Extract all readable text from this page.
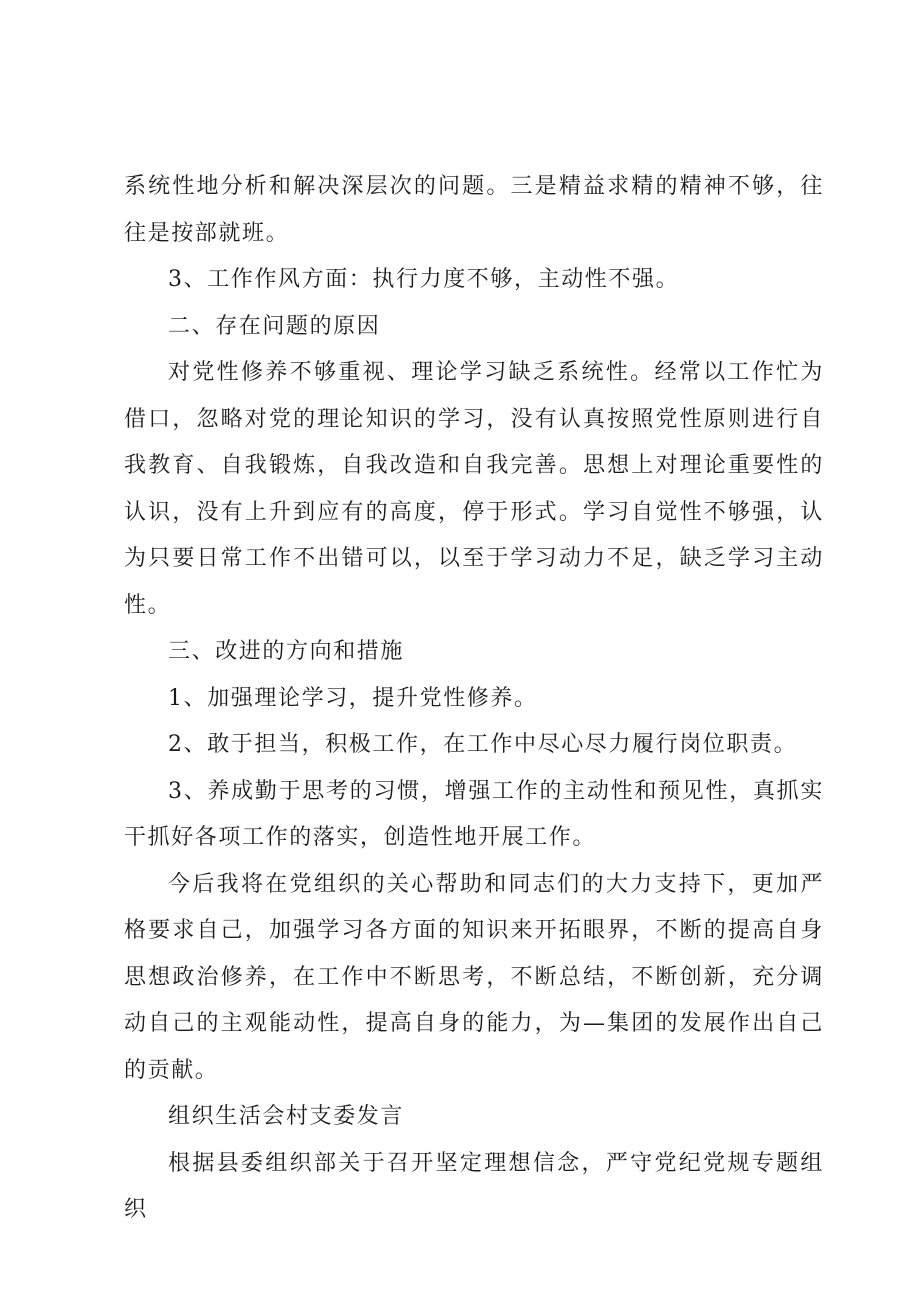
系统性地分析和解决深层次的问题。三是精益求精的精神不够，往往是按部就班。

3、工作作风方面：执行力度不够，主动性不强。

二、存在问题的原因

对党性修养不够重视、理论学习缺乏系统性。经常以工作忙为借口，忽略对党的理论知识的学习，没有认真按照党性原则进行自我教育、自我锻炼，自我改造和自我完善。思想上对理论重要性的认识，没有上升到应有的高度，停于形式。学习自觉性不够强，认为只要日常工作不出错可以，以至于学习动力不足，缺乏学习主动性。

三、改进的方向和措施

1、加强理论学习，提升党性修养。

2、敢于担当，积极工作，在工作中尽心尽力履行岗位职责。

3、养成勤于思考的习惯，增强工作的主动性和预见性，真抓实干抓好各项工作的落实，创造性地开展工作。

今后我将在党组织的关心帮助和同志们的大力支持下，更加严格要求自己，加强学习各方面的知识来开拓眼界，不断的提高自身思想政治修养，在工作中不断思考，不断总结，不断创新，充分调动自己的主观能动性，提高自身的能力，为—集团的发展作出自己的贡献。

组织生活会村支委发言

根据县委组织部关于召开坚定理想信念，严守党纪党规专题组织
